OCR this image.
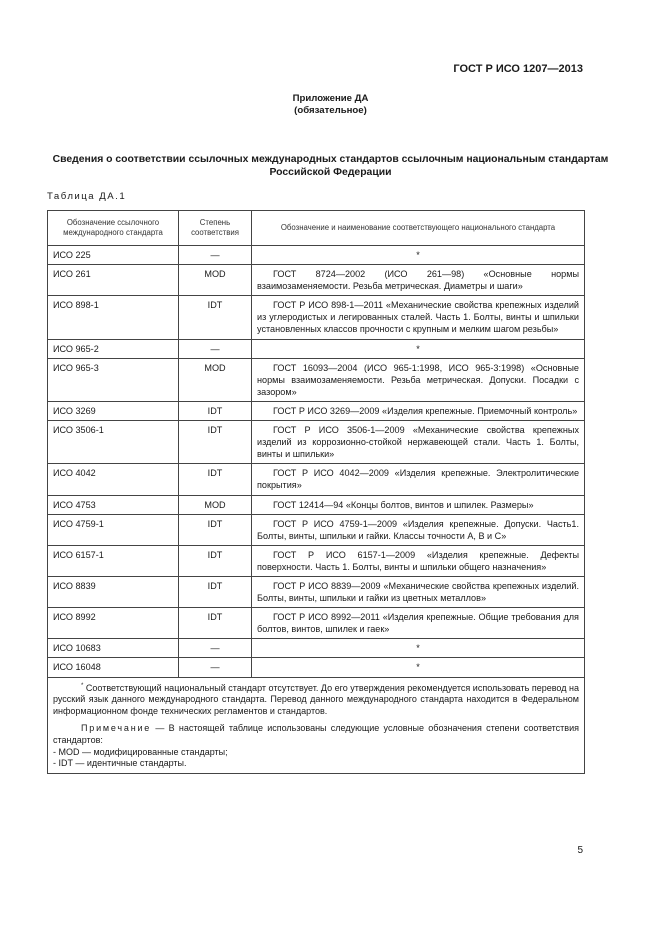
ГОСТ Р ИСО 1207—2013
Приложение ДА
(обязательное)
Сведения о соответствии ссылочных международных стандартов ссылочным национальным стандартам Российской Федерации
Таблица ДА.1
Обозначение ссылочного международного стандарта	Степень соответствия	Обозначение и наименование соответствующего национального стандарта
ИСО 225	—	*
ИСО 261	MOD	ГОСТ 8724—2002 (ИСО 261—98) «Основные нормы взаимозаменяемости. Резьба метрическая. Диаметры и шаги»

ИСО 898-1	IDT	ГОСТ Р ИСО 898-1—2011 «Механические свойства крепежных изделий из углеродистых и легированных сталей. Часть 1. Болты, винты и шпильки установленных классов прочности с крупным и мелким шагом резьбы»

ИСО 965-2	—	*
ИСО 965-3	MOD	ГОСТ 16093—2004 (ИСО 965-1:1998, ИСО 965-3:1998) «Основные нормы взаимозаменяемости. Резьба метрическая. Допуски. Посадки с зазором»

ИСО 3269	IDT	ГОСТ Р ИСО 3269—2009 «Изделия крепежные. Приемочный контроль»

ИСО 3506-1	IDT	ГОСТ Р ИСО 3506-1—2009 «Механические свойства крепежных изделий из коррозионно-стойкой нержавеющей стали. Часть 1. Болты, винты и шпильки»

ИСО 4042	IDT	ГОСТ Р ИСО 4042—2009 «Изделия крепежные. Электролитические покрытия»

ИСО 4753	MOD	ГОСТ 12414—94 «Концы болтов, винтов и шпилек. Размеры»

ИСО 4759-1	IDT	ГОСТ Р ИСО 4759-1—2009 «Изделия крепежные. Допуски. Часть1. Болты, винты, шпильки и гайки. Классы точности А, В и С»

ИСО 6157-1	IDT	ГОСТ Р ИСО 6157-1—2009 «Изделия крепежные. Дефекты поверхности. Часть 1. Болты, винты и шпильки общего назначения»

ИСО 8839	IDT	ГОСТ Р ИСО 8839—2009 «Механические свойства крепежных изделий. Болты, винты, шпильки и гайки из цветных металлов»

ИСО 8992	IDT	ГОСТ Р ИСО 8992—2011 «Изделия крепежные. Общие требования для болтов, винтов, шпилек и гаек»

ИСО 10683	—	*
ИСО 16048	—	*

* Соответствующий национальный стандарт отсутствует. До его утверждения рекомендуется использовать перевод на русский язык данного международного стандарта. Перевод данного международного стандарта находится в Федеральном информационном фонде технических регламентов и стандартов.
Примечание — В настоящей таблице использованы следующие условные обозначения степени соответствия стандартов:
- MOD — модифицированные стандарты;
- IDT — идентичные стандарты.		
5
